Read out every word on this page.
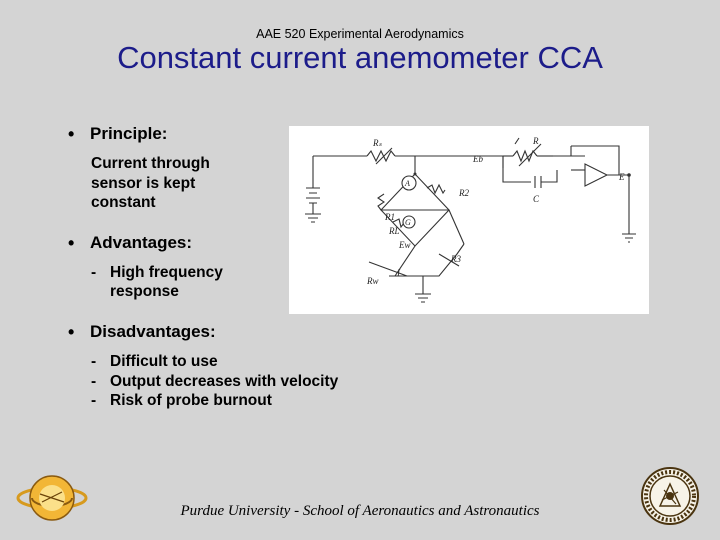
AAE 520 Experimental Aerodynamics
Constant current anemometer CCA
• Principle:
Current through
sensor is kept
constant
• Advantages:
- High frequency
response
• Disadvantages:
- Difficult to use
- Output decreases with velocity
- Risk of probe burnout
Rₛ	R
Eb
A
R2
E
C
R1
G
RL
Ew
R3
I
Rw
Purdue University - School of Aeronautics and Astronautics
